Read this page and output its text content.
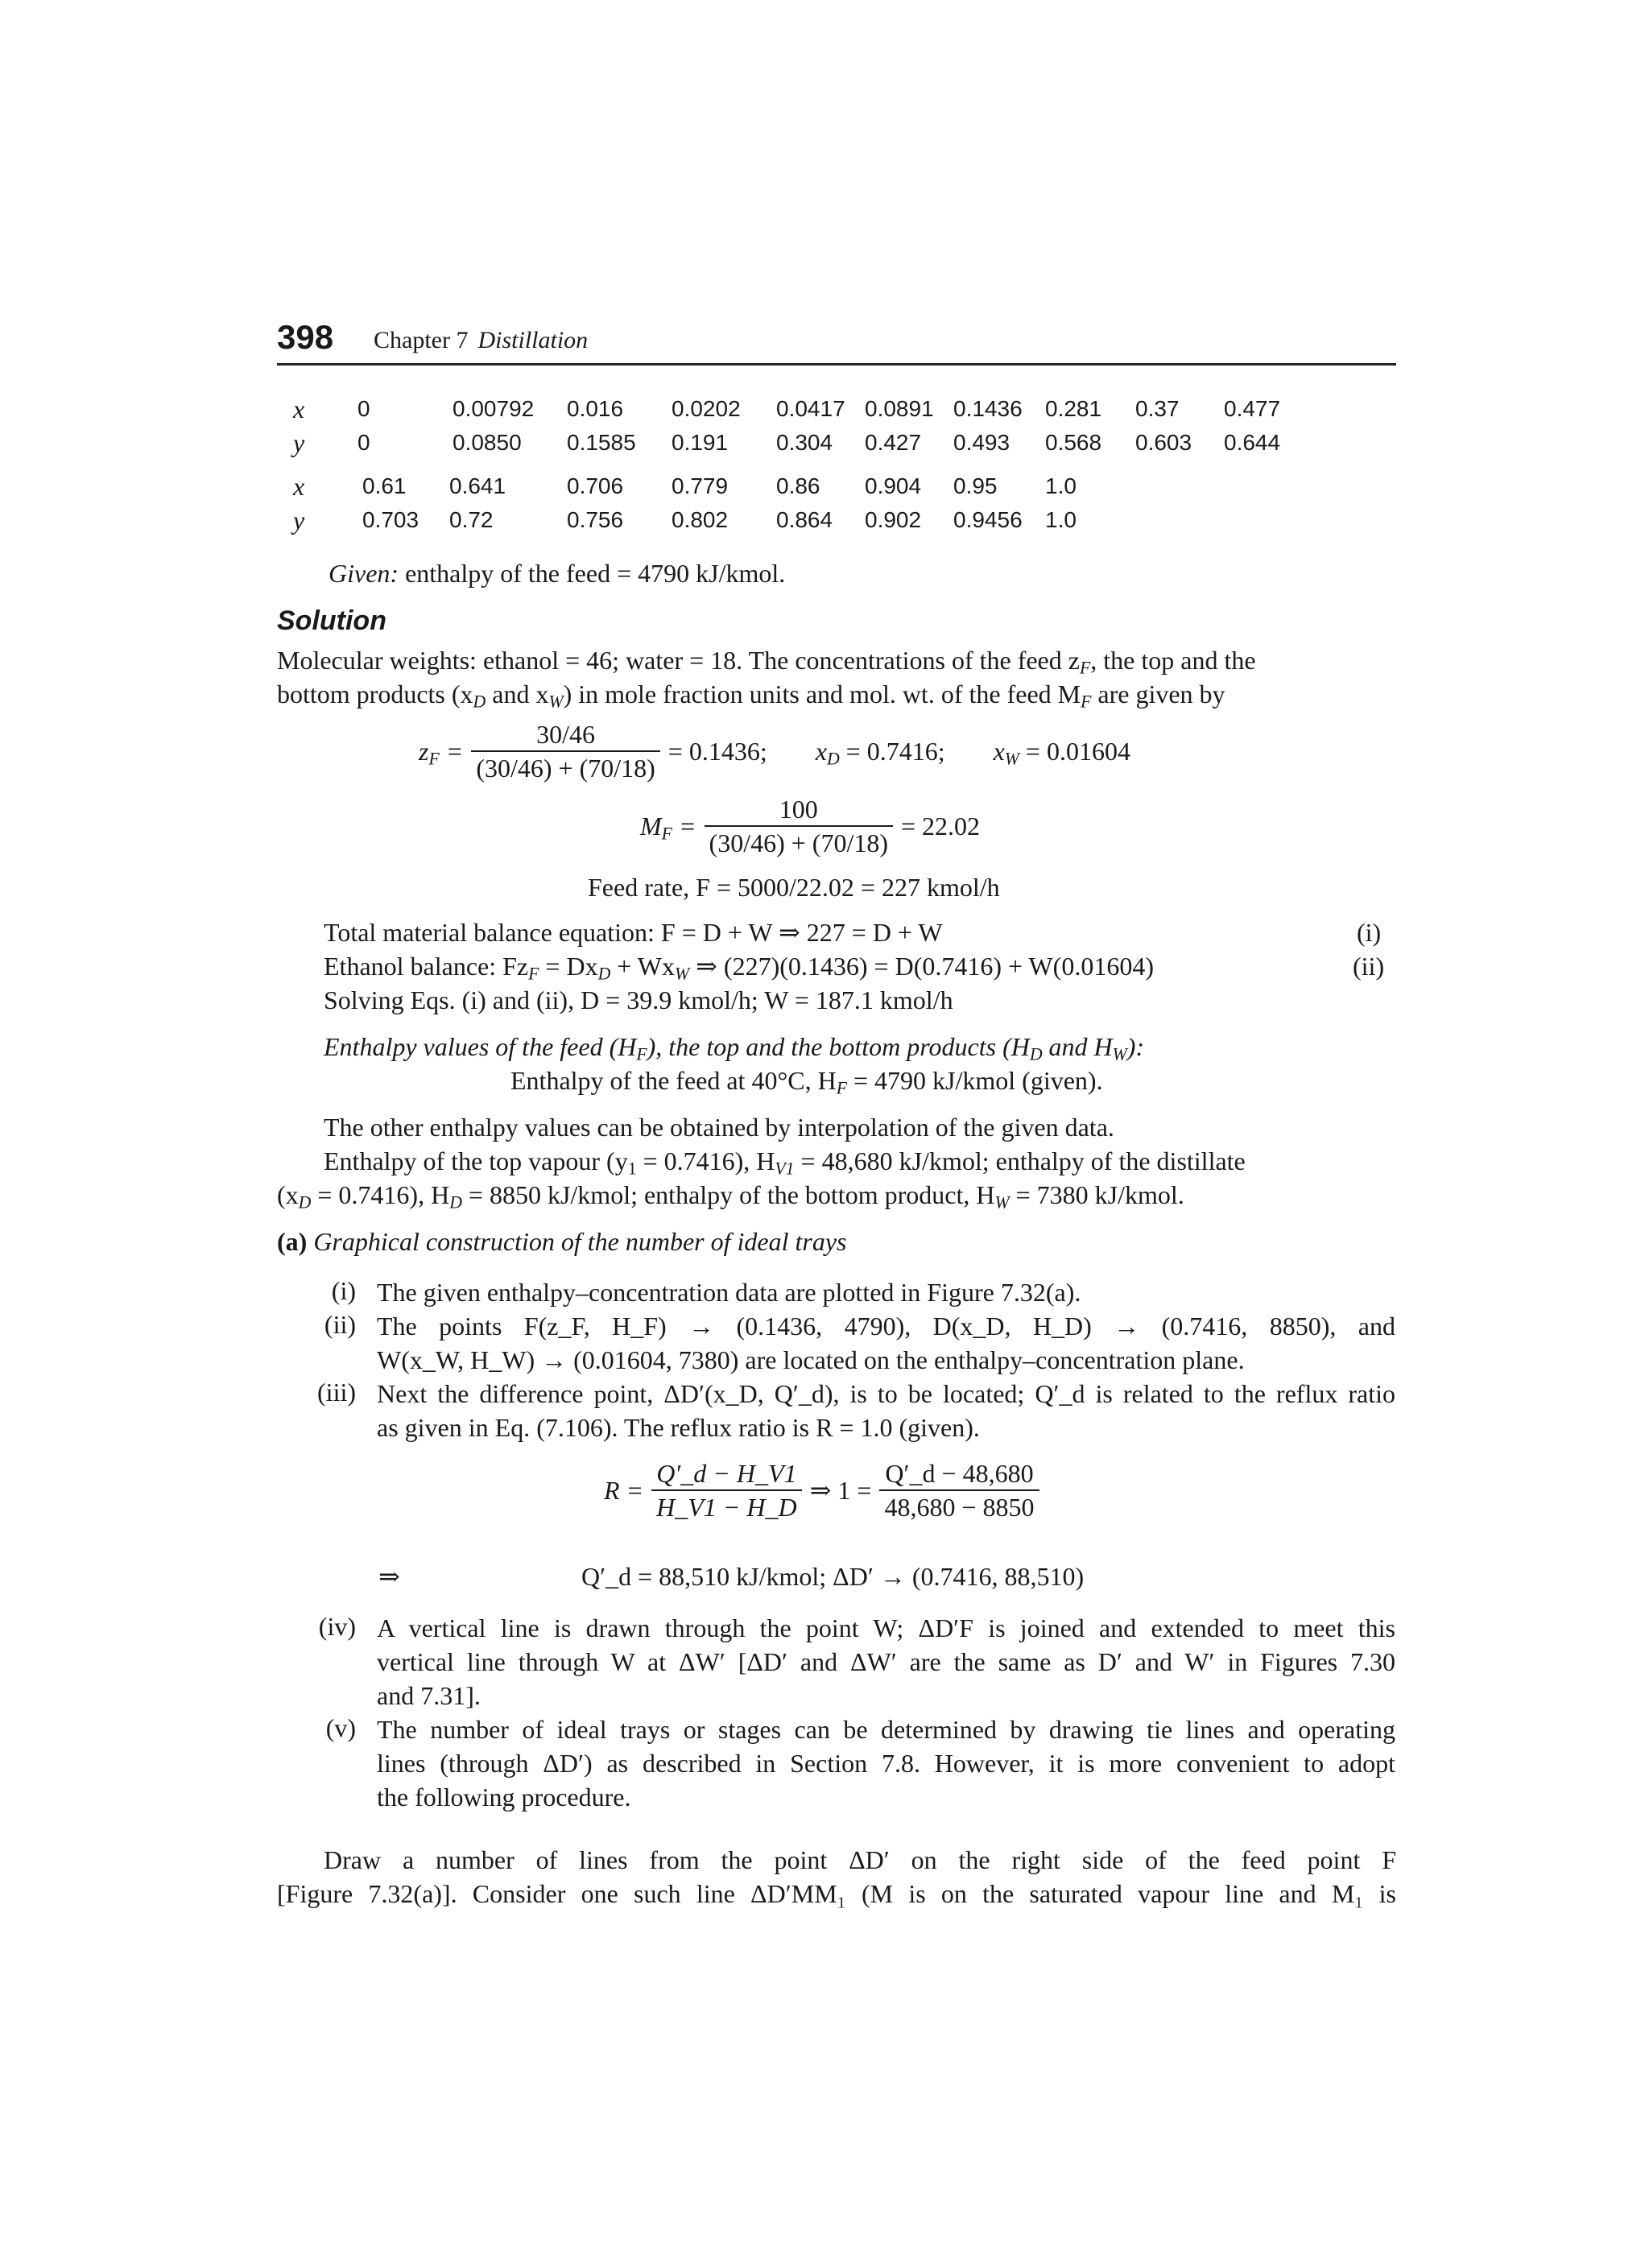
398 Chapter 7 Distillation
x 0	0.00792 0.016 0.0202 0.0417 0.0891 0.1436 0.281 0.37 0.477
y 0	0.0850 0.1585 0.191 0.304 0.427 0.493 0.568 0.603 0.644
x	0.61 0.641	0.706 0.779 0.86 0.904 0.95 1.0
y	0.703 0.72	0.756 0.802 0.864 0.902 0.9456 1.0
Given: enthalpy of the feed = 4790 kJ/kmol.
Solution
Molecular weights: ethanol = 46; water = 18. The concentrations of the feed $z_F$, the top and the
bottom products ($x_D$ and $x_W$) in mole fraction units and mol. wt. of the feed $M_F$ are given by
$z_F = \frac{30/46}{(30/46) + (70/18)} = 0.1436$; $x_D = 0.7416$; $x_W = 0.01604$
$M_F = \frac{100}{(30/46) + (70/18)} = 22.02$
Feed rate, F = 5000/22.02 = 227 kmol/h
Total material balance equation: F = D + W ⇒ 227 = D + W	(i)
Ethanol balance: $Fz_F = Dx_D + Wx_W$ ⇒ (227)(0.1436) = D(0.7416) + W(0.01604)	(ii)
Solving Eqs. (i) and (ii), D = 39.9 kmol/h; W = 187.1 kmol/h
Enthalpy values of the feed $(H_F)$, the top and the bottom products ($H_D$ and $H_W$):
Enthalpy of the feed at 40°C, $H_F = 4790$ kJ/kmol (given).
The other enthalpy values can be obtained by interpolation of the given data.
Enthalpy of the top vapour $(y_1 = 0.7416)$, $H_{V1} = 48,680$ kJ/kmol; enthalpy of the distillate
$(x_D = 0.7416)$, $H_D = 8850$ kJ/kmol; enthalpy of the bottom product, $H_W = 7380$ kJ/kmol.
(a) Graphical construction of the number of ideal trays
(i) The given enthalpy–concentration data are plotted in Figure 7.32(a).
(ii) The points F(z_F, H_F) → (0.1436, 4790), D(x_D, H_D) → (0.7416, 8850), and
W(x_W, H_W) → (0.01604, 7380) are located on the enthalpy–concentration plane.
(iii) Next the difference point, ΔD′(x_D, Q′_d), is to be located; Q′_d is related to the reflux ratio
as given in Eq. (7.106). The reflux ratio is R = 1.0 (given).
$R = \frac{Q'\_d - H\_V1}{H\_V1 - H\_D}$ ⇒ $1 = \frac{Q'\_d - 48,680}{48,680 - 8850}$
⇒	Q′_d = 88,510 kJ/kmol; ΔD′ → (0.7416, 88,510)
(iv) A vertical line is drawn through the point W; ΔD′F is joined and extended to meet this
vertical line through W at ΔW′ [ΔD′ and ΔW′ are the same as D′ and W′ in Figures 7.30
and 7.31].
(v) The number of ideal trays or stages can be determined by drawing tie lines and operating
lines (through ΔD′) as described in Section 7.8. However, it is more convenient to adopt
the following procedure.
Draw a number of lines from the point ΔD′ on the right side of the feed point F
[Figure 7.32(a)]. Consider one such line ΔD′MM₁ (M is on the saturated vapour line and M₁ is
